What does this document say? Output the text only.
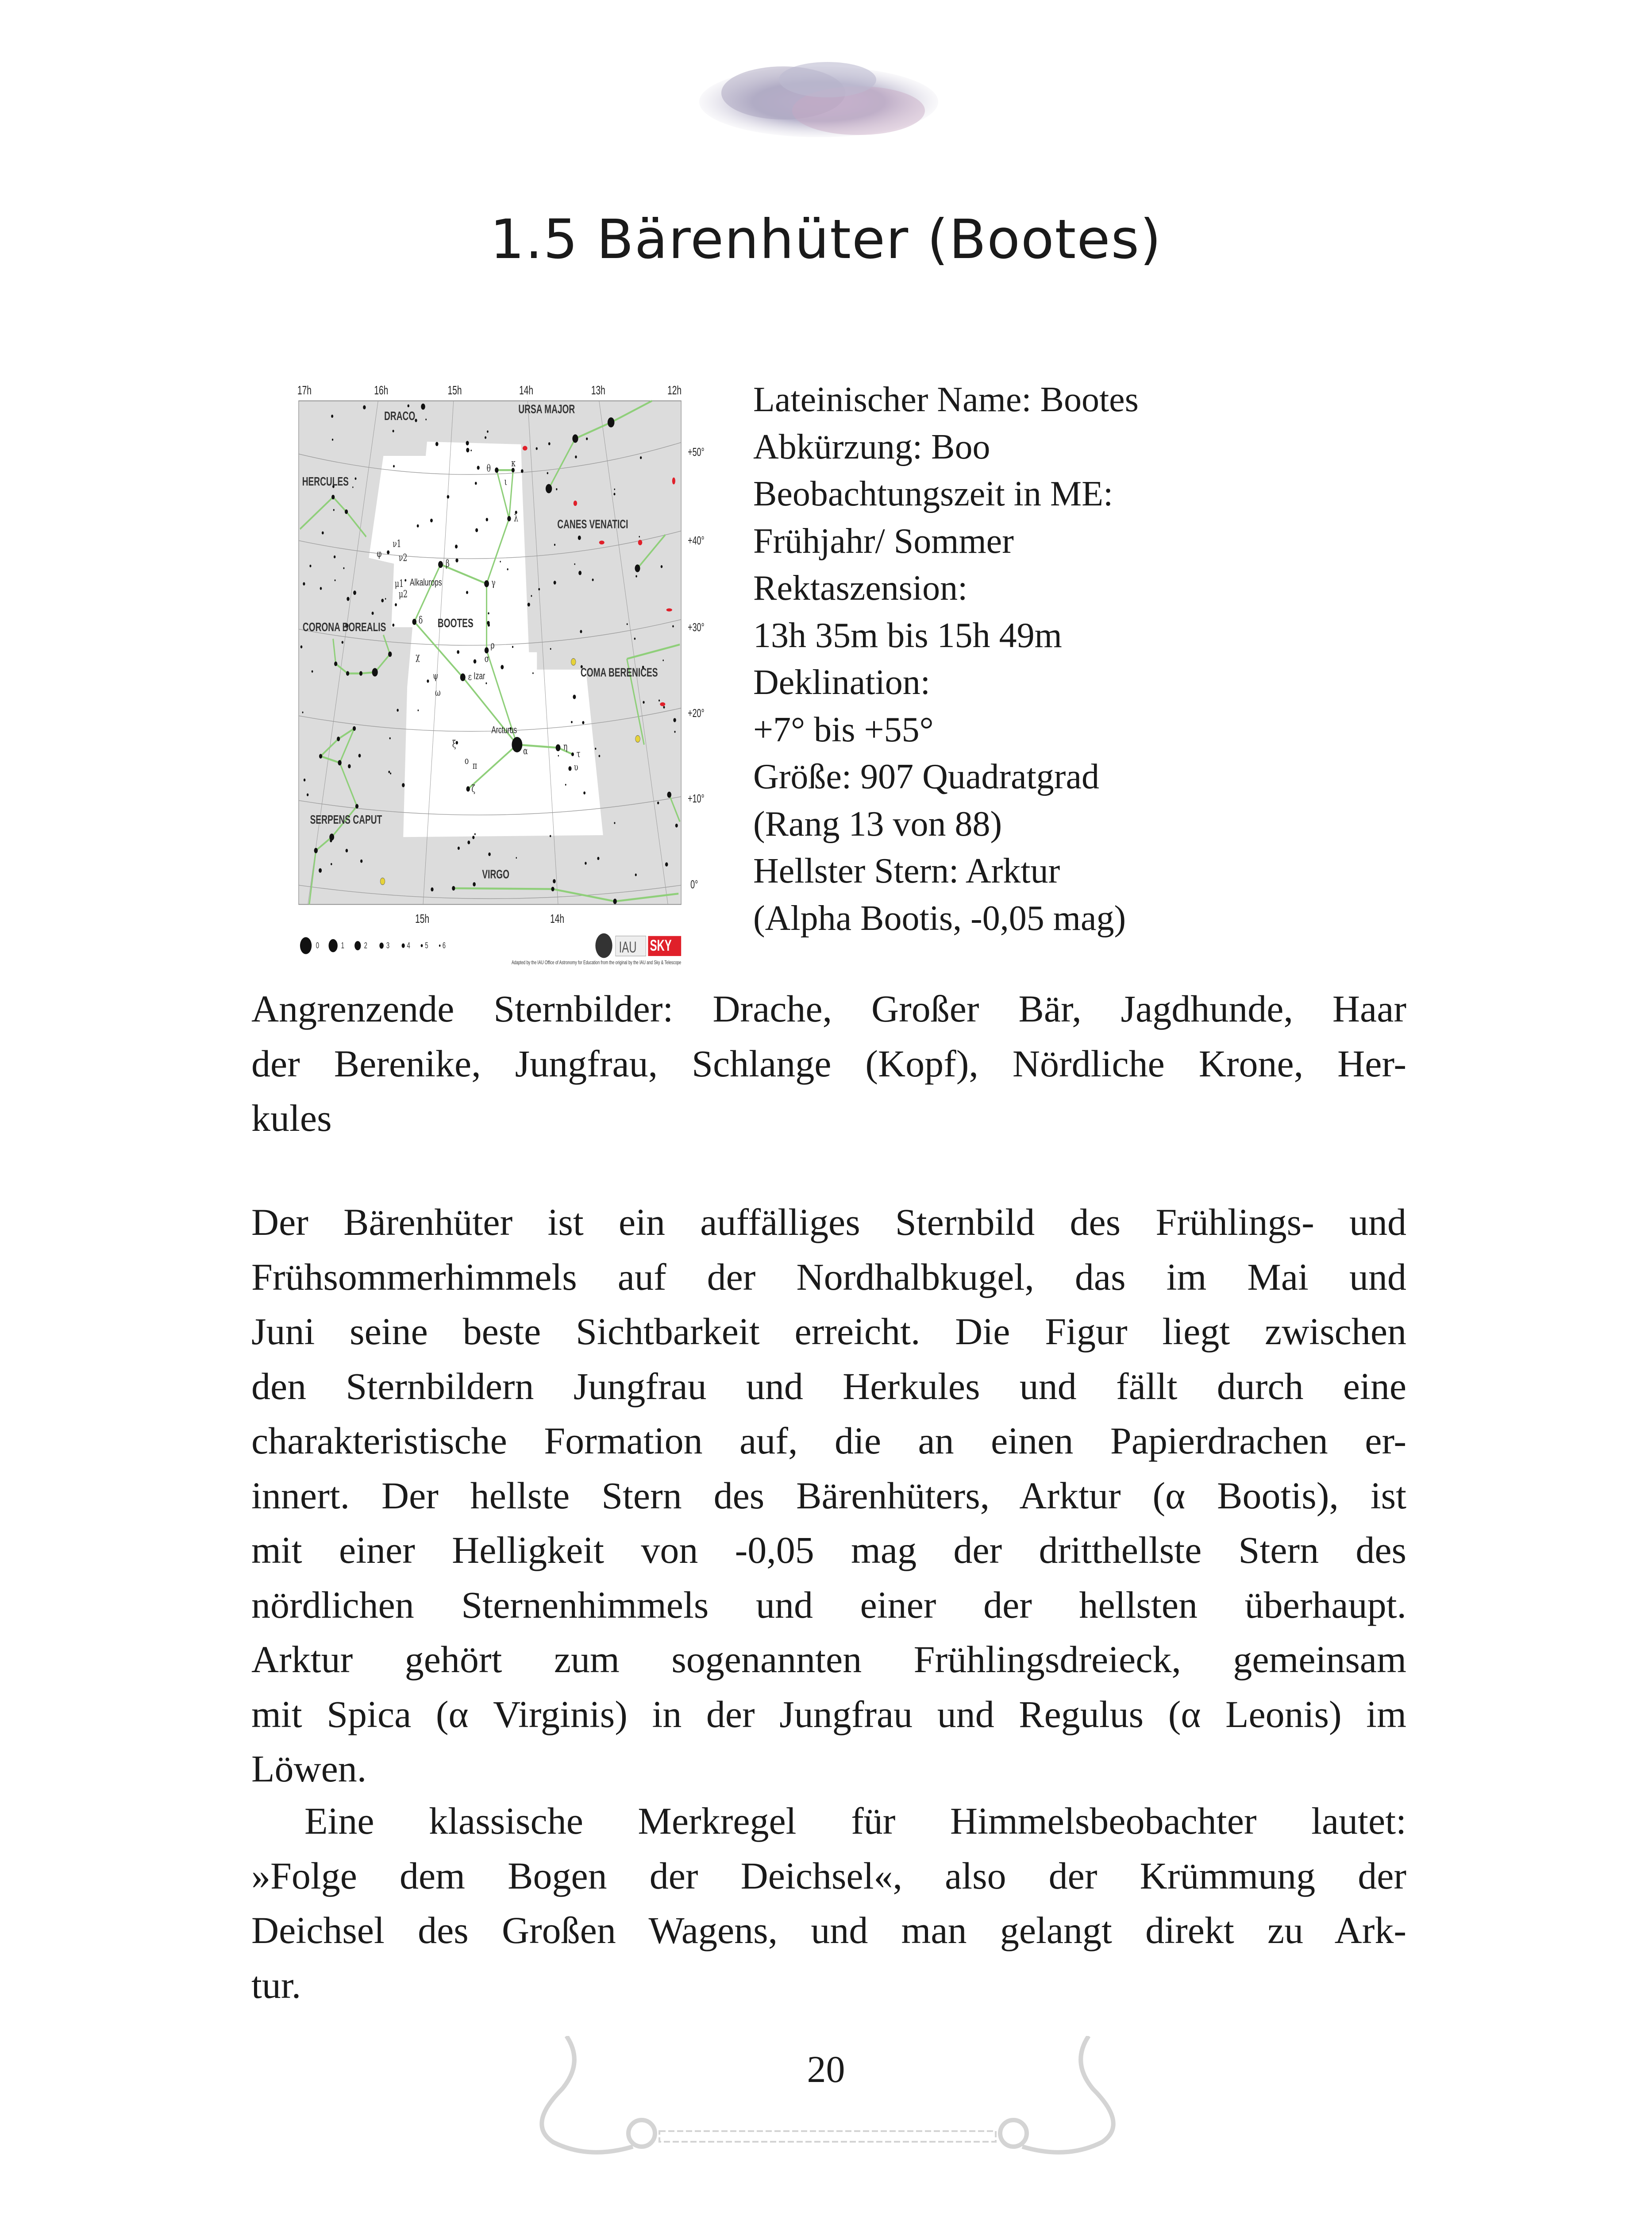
1.5 Bärenhüter (Bootes)
17h	16h	15h	14h	13h	12h
15h	14h
+50°
+40°
+30°
+20°
+10°
0°
DRACO	URSA MAJOR
HERCULES
CANES VENATICI
CORONA BOREALIS	BOOTES
COMA BERENICES
SERPENS CAPUT
VIRGO
Alkalurops
Izar
Arcturus
θ κ
ι
λ
β
γ
δ
ρ
σ
ε
α	η
τ
υ
ζ
π
ο
ξ
ψ
ω
χ
φ
ν1
ν2
μ1
μ2
0 1 2 3 4 5 6	IAU SKY
Adapted by the IAU Office of Astronomy for Education from the original by the IAU and Sky & Telescope
Lateinischer Name: Bootes
Abkürzung: Boo
Beobachtungszeit in ME:
Frühjahr/ Sommer
Rektaszension:
13h 35m bis 15h 49m
Deklination:
+7° bis +55°
Größe: 907 Quadratgrad
(Rang 13 von 88)
Hellster Stern: Arktur
(Alpha Bootis, -0,05 mag)
Angrenzende Sternbilder: Drache, Großer Bär, Jagdhunde, Haar
der Berenike, Jungfrau, Schlange (Kopf), Nördliche Krone, Her-
kules
Der Bärenhüter ist ein auffälliges Sternbild des Frühlings- und
Frühsommerhimmels auf der Nordhalbkugel, das im Mai und
Juni seine beste Sichtbarkeit erreicht. Die Figur liegt zwischen
den Sternbildern Jungfrau und Herkules und fällt durch eine
charakteristische Formation auf, die an einen Papierdrachen er-
innert. Der hellste Stern des Bärenhüters, Arktur (α Bootis), ist
mit einer Helligkeit von -0,05 mag der dritthellste Stern des
nördlichen Sternenhimmels und einer der hellsten überhaupt.
Arktur gehört zum sogenannten Frühlingsdreieck, gemeinsam
mit Spica (α Virginis) in der Jungfrau und Regulus (α Leonis) im
Löwen.
Eine klassische Merkregel für Himmelsbeobachter lautet:
»Folge dem Bogen der Deichsel«, also der Krümmung der
Deichsel des Großen Wagens, und man gelangt direkt zu Ark-
tur.
20
